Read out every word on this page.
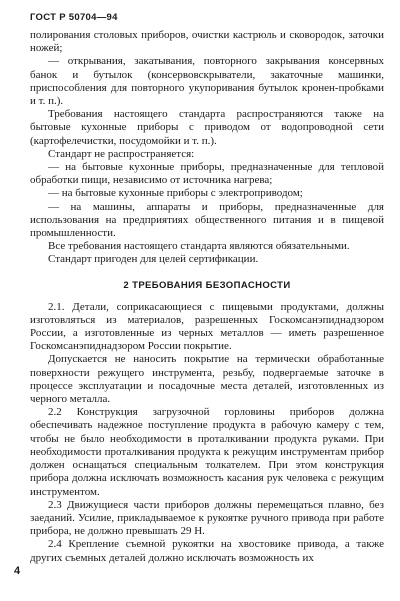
ГОСТ Р 50704—94

полирования столовых приборов, очистки кастрюль и сковородок, заточки ножей;

— открывания, закатывания, повторного закрывания консервных банок и бутылок (консервовскрыватели, закаточные машинки, приспособления для повторного укупоривания бутылок кронен-пробками и т. п.).

Требования настоящего стандарта распространяются также на бытовые кухонные приборы с приводом от водопроводной сети (картофелечистки, посудомойки и т. п.).

Стандарт не распространяется:

— на бытовые кухонные приборы, предназначенные для тепловой обработки пищи, независимо от источника нагрева;

— на бытовые кухонные приборы с электроприводом;

— на машины, аппараты и приборы, предназначенные для использования на предприятиях общественного питания и в пищевой промышленности.

Все требования настоящего стандарта являются обязательными.

Стандарт пригоден для целей сертификации.

2 ТРЕБОВАНИЯ БЕЗОПАСНОСТИ

2.1. Детали, соприкасающиеся с пищевыми продуктами, должны изготовляться из материалов, разрешенных Госкомсанэпиднадзором России, а изготовленные из черных металлов — иметь разрешенное Госкомсанэпиднадзором России покрытие.

Допускается не наносить покрытие на термически обработанные поверхности режущего инструмента, резьбу, подвергаемые заточке в процессе эксплуатации и посадочные места деталей, изготовленных из черного металла.

2.2 Конструкция загрузочной горловины приборов должна обеспечивать надежное поступление продукта в рабочую камеру с тем, чтобы не было необходимости в проталкивании продукта руками. При необходимости проталкивания продукта к режущим инструментам прибор должен оснащаться специальным толкателем. При этом конструкция прибора должна исключать возможность касания рук человека с режущим инструментом.

2.3 Движущиеся части приборов должны перемещаться плавно, без заеданий. Усилие, прикладываемое к рукоятке ручного привода при работе прибора, не должно превышать 29 Н.

2.4 Крепление съемной рукоятки на хвостовике привода, а также других съемных деталей должно исключать возможность их

4
